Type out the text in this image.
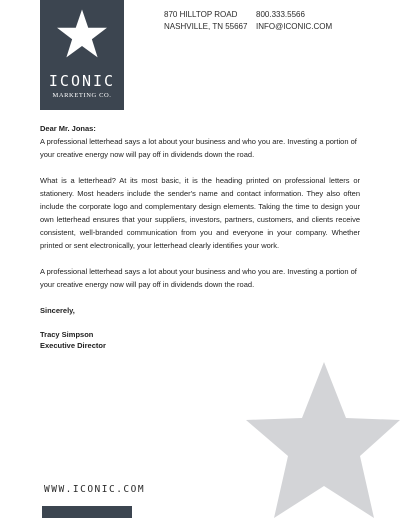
ICONIC
MARKETING CO.
870 HILLTOP ROAD
NASHVILLE, TN 55667
800.333.5566
INFO@ICONIC.COM
Dear Mr. Jonas:

A professional letterhead says a lot about your business and who you are. Investing a portion of your creative energy now will pay off in dividends down the road.

What is a letterhead? At its most basic, it is the heading printed on professional letters or stationery. Most headers include the sender's name and contact information. They also often include the corporate logo and complementary design elements. Taking the time to design your own letterhead ensures that your suppliers, investors, partners, customers, and clients receive consistent, well-branded communication from you and everyone in your company. Whether printed or sent electronically, your letterhead clearly identifies your work.

A professional letterhead says a lot about your business and who you are. Investing a portion of your creative energy now will pay off in dividends down the road.

Sincerely,
Tracy Simpson
Executive Director
WWW.ICONIC.COM
